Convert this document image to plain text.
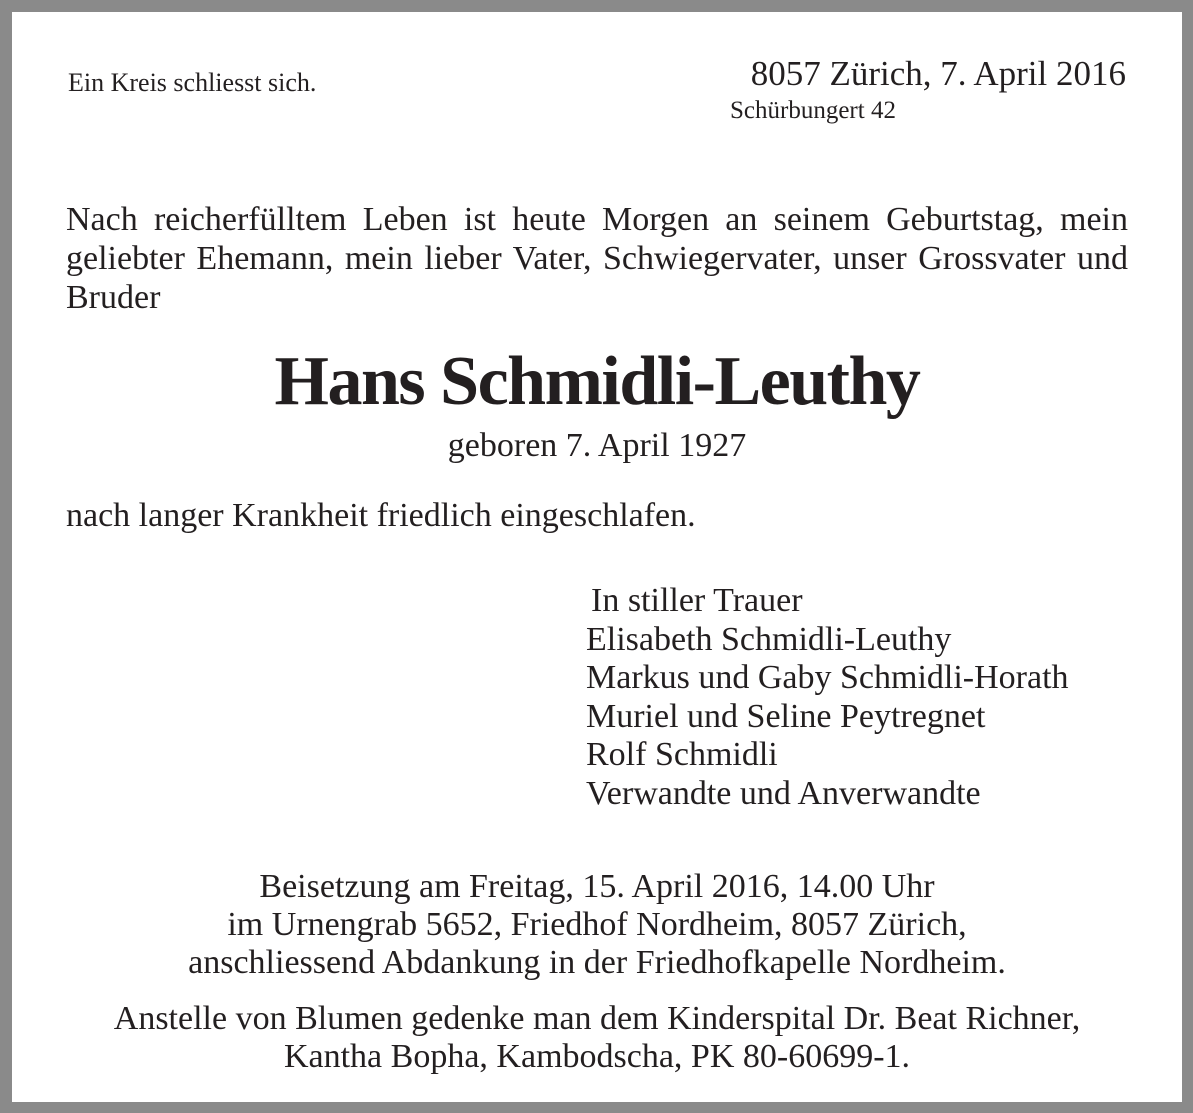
Ein Kreis schliesst sich.	8057 Zürich, 7. April 2016
Schürbungert 42
Nach reicherfülltem Leben ist heute Morgen an seinem Geburtstag, mein geliebter Ehemann, mein lieber Vater, Schwiegervater, unser Grossvater und Bruder
Hans Schmidli-Leuthy
geboren 7. April 1927
nach langer Krankheit friedlich eingeschlafen.
In stiller Trauer
Elisabeth Schmidli-Leuthy
Markus und Gaby Schmidli-Horath
Muriel und Seline Peytregnet
Rolf Schmidli
Verwandte und Anverwandte
Beisetzung am Freitag, 15. April 2016, 14.00 Uhr
im Urnengrab 5652, Friedhof Nordheim, 8057 Zürich,
anschliessend Abdankung in der Friedhofkapelle Nordheim.
Anstelle von Blumen gedenke man dem Kinderspital Dr. Beat Richner,
Kantha Bopha, Kambodscha, PK 80-60699-1.
